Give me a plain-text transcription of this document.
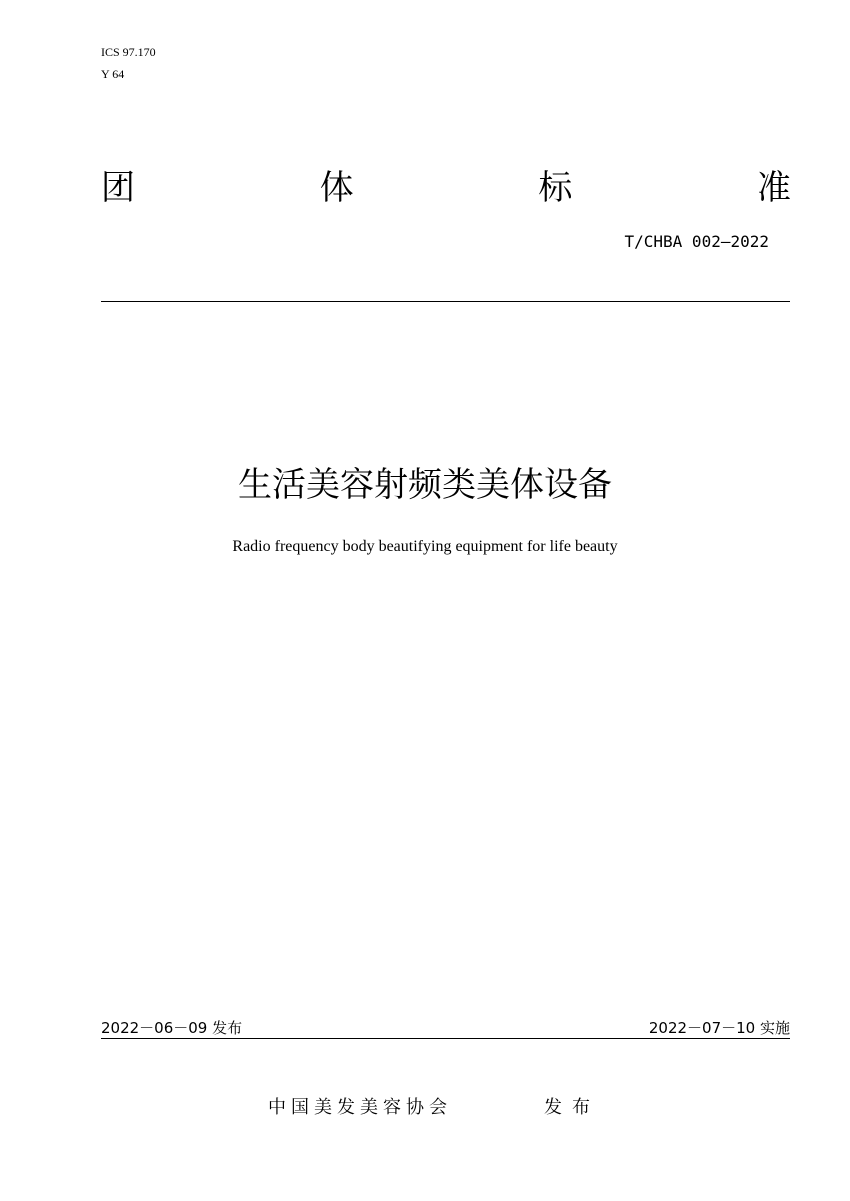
ICS 97.170
Y 64
团	体	标	准
T/CHBA 002—2022
生活美容射频类美体设备
Radio frequency body beautifying equipment for life beauty
2022－06－09 发布	2022－07－10 实施
中国美发美容协会	发布
